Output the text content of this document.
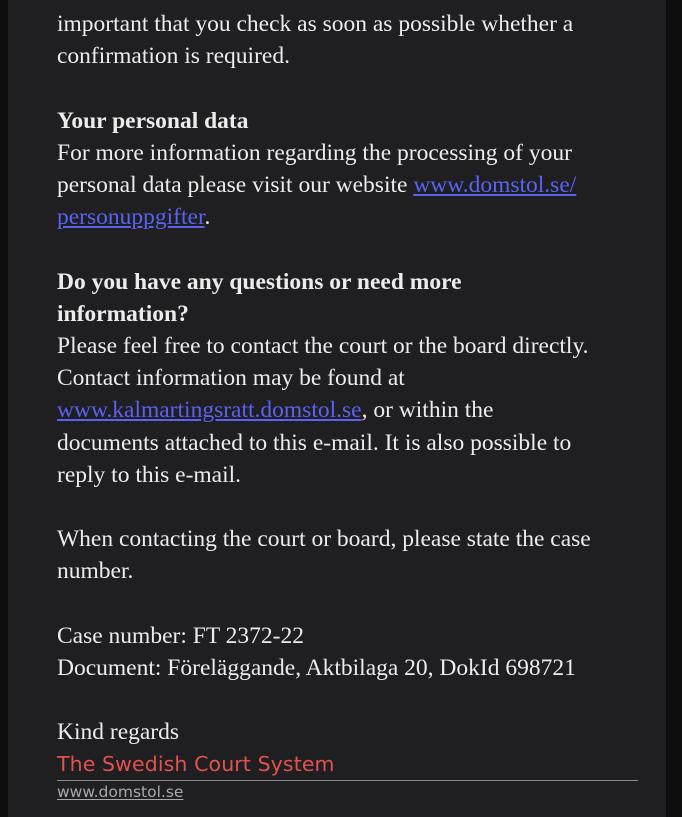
important that you check as soon as possible whether a
confirmation is required.
Your personal data
For more information regarding the processing of your
personal data please visit our website www.domstol.se/
personuppgifter.
Do you have any questions or need more
information?
Please feel free to contact the court or the board directly.
Contact information may be found at
www.kalmartingsratt.domstol.se, or within the
documents attached to this e-mail. It is also possible to
reply to this e-mail.
When contacting the court or board, please state the case
number.
Case number: FT 2372-22
Document: Föreläggande, Aktbilaga 20, DokId 698721
Kind regards
The Swedish Court System
www.domstol.se
